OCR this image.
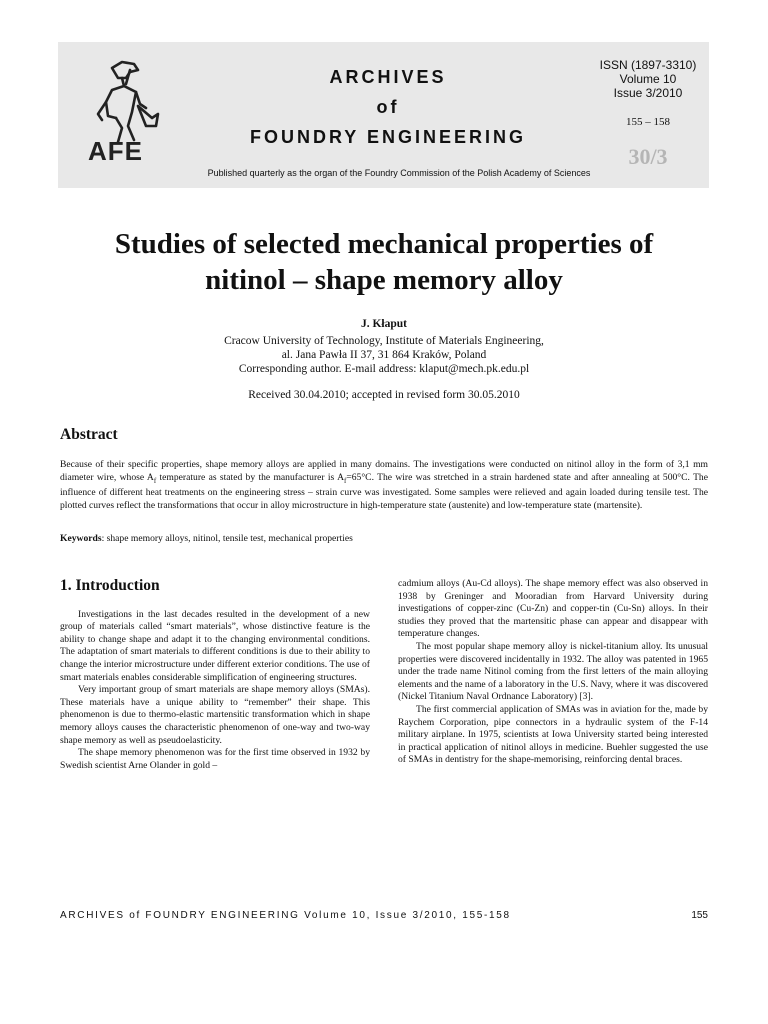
AFE
ARCHIVES
of
FOUNDRY ENGINEERING
ISSN (1897-3310)
Volume 10
Issue 3/2010
155 – 158
30/3
Published quarterly as the organ of the Foundry Commission of the Polish Academy of Sciences
Studies of selected mechanical properties of
nitinol – shape memory alloy
J. Kłaput
Cracow University of Technology, Institute of Materials Engineering,
al. Jana Pawła II 37, 31 864 Kraków, Poland
Corresponding author. E-mail address: klaput@mech.pk.edu.pl
Received 30.04.2010; accepted in revised form 30.05.2010
Abstract
Because of their specific properties, shape memory alloys are applied in many domains. The investigations were conducted on nitinol alloy in the form of 3,1 mm diameter wire, whose $A_f$ temperature as stated by the manufacturer is $A_f=65^\circ C$. The wire was stretched in a strain hardened state and after annealing at 500°C. The influence of different heat treatments on the engineering stress – strain curve was investigated. Some samples were relieved and again loaded during tensile test. The plotted curves reflect the transformations that occur in alloy microstructure in high-temperature state (austenite) and low-temperature state (martensite).
Keywords: shape memory alloys, nitinol, tensile test, mechanical properties
1. Introduction

Investigations in the last decades resulted in the development of a new group of materials called “smart materials”, whose distinctive feature is the ability to change shape and adapt it to the changing environmental conditions. The adaptation of smart materials to different conditions is due to their ability to change the interior microstructure under different exterior conditions. The use of smart materials enables considerable simplification of engineering structures.

Very important group of smart materials are shape memory alloys (SMAs). These materials have a unique ability to “remember” their shape. This phenomenon is due to thermo-elastic martensitic transformation which in shape memory alloys causes the characteristic phenomenon of one-way and two-way shape memory as well as pseudoelasticity.

The shape memory phenomenon was for the first time observed in 1932 by Swedish scientist Arne Olander in gold –

cadmium alloys (Au-Cd alloys). The shape memory effect was also observed in 1938 by Greninger and Mooradian from Harvard University during investigations of copper-zinc (Cu-Zn) and copper-tin (Cu-Sn) alloys. In their studies they proved that the martensitic phase can appear and disappear with temperature changes.

The most popular shape memory alloy is nickel-titanium alloy. Its unusual properties were discovered incidentally in 1932. The alloy was patented in 1965 under the trade name Nitinol coming from the first letters of the main alloying elements and the name of a laboratory in the U.S. Navy, where it was discovered (Nickel Titanium Naval Ordnance Laboratory) [3].

The first commercial application of SMAs was in aviation for the, made by Raychem Corporation, pipe connectors in a hydraulic system of the F-14 military airplane. In 1975, scientists at Iowa University started being interested in practical application of nitinol alloys in medicine. Buehler suggested the use of SMAs in dentistry for the shape-memorising, reinforcing dental braces.

ARCHIVES of FOUNDRY ENGINEERING Volume 10, Issue 3/2010, 155-158	155
